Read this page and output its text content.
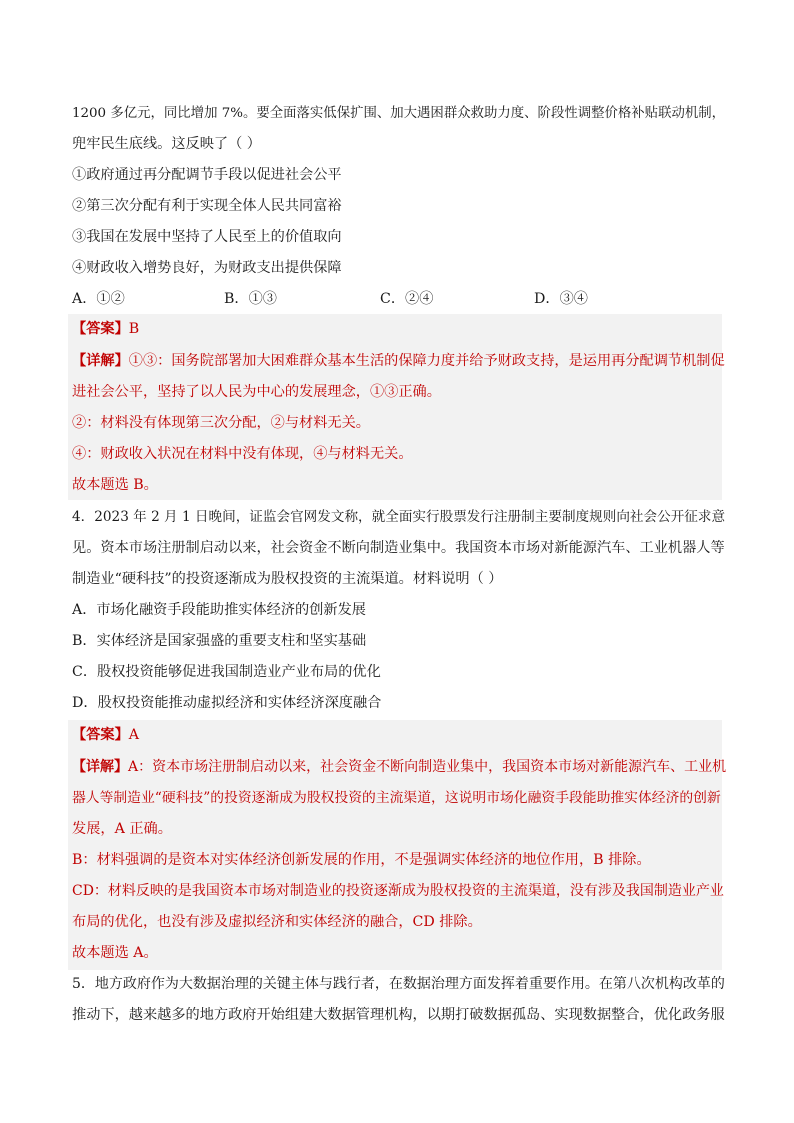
1200 多亿元，同比增加 7%。要全面落实低保扩围、加大遇困群众救助力度、阶段性调整价格补贴联动机制，
兜牢民生底线。这反映了（ ）
①政府通过再分配调节手段以促进社会公平
②第三次分配有利于实现全体人民共同富裕
③我国在发展中坚持了人民至上的价值取向
④财政收入增势良好，为财政支出提供保障
A．①②	B．①③	C．②④	D．③④
【答案】B
【详解】①③：国务院部署加大困难群众基本生活的保障力度并给予财政支持，是运用再分配调节机制促
进社会公平，坚持了以人民为中心的发展理念，①③正确。
②：材料没有体现第三次分配，②与材料无关。
④：财政收入状况在材料中没有体现，④与材料无关。
故本题选 B。
4．2023 年 2 月 1 日晚间，证监会官网发文称，就全面实行股票发行注册制主要制度规则向社会公开征求意
见。资本市场注册制启动以来，社会资金不断向制造业集中。我国资本市场对新能源汽车、工业机器人等
制造业“硬科技”的投资逐渐成为股权投资的主流渠道。材料说明（ ）
A．市场化融资手段能助推实体经济的创新发展
B．实体经济是国家强盛的重要支柱和坚实基础
C．股权投资能够促进我国制造业产业布局的优化
D．股权投资能推动虚拟经济和实体经济深度融合
【答案】A
【详解】A：资本市场注册制启动以来，社会资金不断向制造业集中，我国资本市场对新能源汽车、工业机
器人等制造业“硬科技”的投资逐渐成为股权投资的主流渠道，这说明市场化融资手段能助推实体经济的创新
发展，A 正确。
B：材料强调的是资本对实体经济创新发展的作用，不是强调实体经济的地位作用，B 排除。
CD：材料反映的是我国资本市场对制造业的投资逐渐成为股权投资的主流渠道，没有涉及我国制造业产业
布局的优化，也没有涉及虚拟经济和实体经济的融合，CD 排除。
故本题选 A。
5．地方政府作为大数据治理的关键主体与践行者，在数据治理方面发挥着重要作用。在第八次机构改革的
推动下，越来越多的地方政府开始组建大数据管理机构，以期打破数据孤岛、实现数据整合，优化政务服
